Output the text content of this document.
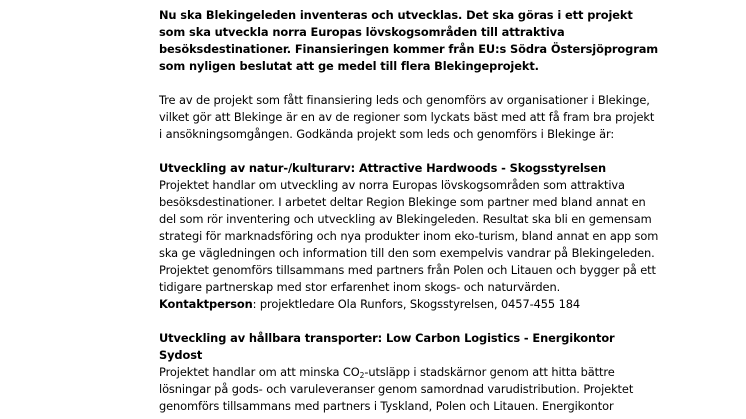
Nu ska Blekingeleden inventeras och utvecklas. Det ska göras i ett projekt som ska utveckla norra Europas lövskogsområden till attraktiva besöksdestinationer. Finansieringen kommer från EU:s Södra Östersjöprogram som nyligen beslutat att ge medel till flera Blekingeprojekt.

Tre av de projekt som fått finansiering leds och genomförs av organisationer i Blekinge, vilket gör att Blekinge är en av de regioner som lyckats bäst med att få fram bra projekt i ansökningsomgången. Godkända projekt som leds och genomförs i Blekinge är:

Utveckling av natur-/kulturarv: Attractive Hardwoods - Skogsstyrelsen

Projektet handlar om utveckling av norra Europas lövskogsområden som attraktiva besöksdestinationer. I arbetet deltar Region Blekinge som partner med bland annat en del som rör inventering och utveckling av Blekingeleden. Resultat ska bli en gemensam strategi för marknadsföring och nya produkter inom eko-turism, bland annat en app som ska ge vägledningen och information till den som exempelvis vandrar på Blekingeleden. Projektet genomförs tillsammans med partners från Polen och Litauen och bygger på ett tidigare partnerskap med stor erfarenhet inom skogs- och naturvärden.

Kontaktperson: projektledare Ola Runfors, Skogsstyrelsen, 0457-455 184

Utveckling av hållbara transporter: Low Carbon Logistics - Energikontor Sydost

Projektet handlar om att minska $CO_2$-utsläpp i stadskärnor genom att hitta bättre lösningar på gods- och varuleveranser genom samordnad varudistribution. Projektet genomförs tillsammans med partners i Tyskland, Polen och Litauen. Energikontor
